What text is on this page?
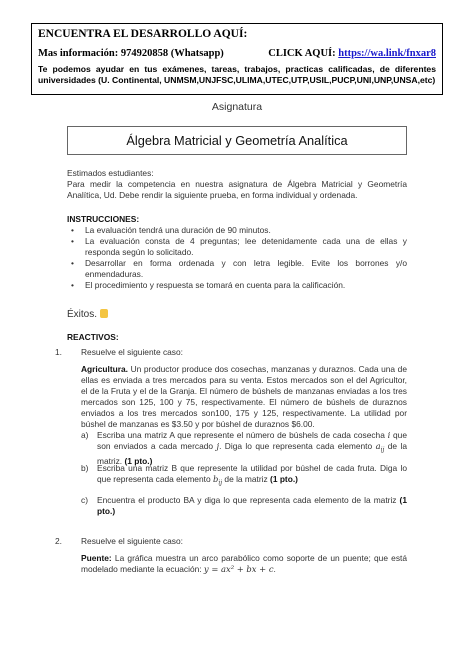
ENCUENTRA EL DESARROLLO AQUÍ:
Mas información: 974920858 (Whatsapp)	CLICK AQUÍ: https://wa.link/fnxar8
Te podemos ayudar en tus exámenes, tareas, trabajos, practicas calificadas, de diferentes universidades (U. Continental, UNMSM,UNJFSC,ULIMA,UTEC,UTP,USIL,PUCP,UNI,UNP,UNSA,etc)
Asignatura
Álgebra Matricial y Geometría Analítica
Estimados estudiantes:
Para medir la competencia en nuestra asignatura de Álgebra Matricial y Geometría Analítica, Ud. Debe rendir la siguiente prueba, en forma individual y ordenada.
INSTRUCCIONES:
• La evaluación tendrá una duración de 90 minutos.
• La evaluación consta de 4 preguntas; lee detenidamente cada una de ellas y responda según lo solicitado.
• Desarrollar en forma ordenada y con letra legible. Evite los borrones y/o enmendaduras.
• El procedimiento y respuesta se tomará en cuenta para la calificación.
Éxitos.
REACTIVOS:
1. Resuelve el siguiente caso:
Agricultura. Un productor produce dos cosechas, manzanas y duraznos. Cada una de ellas es enviada a tres mercados para su venta. Estos mercados son el del Agricultor, el de la Fruta y el de la Granja. El número de búshels de manzanas enviadas a los tres mercados son 125, 100 y 75, respectivamente. El número de búshels de duraznos enviados a los tres mercados son100, 175 y 125, respectivamente. La utilidad por búshel de manzanas es $3.50 y por búshel de duraznos $6.00.
a)	Escriba una matriz A que represente el número de búshels de cada cosecha i que son enviados a cada mercado j. Diga lo que representa cada elemento $a_{ij}$ de la matriz. (1 pto.)
b)	Escriba una matriz B que represente la utilidad por búshel de cada fruta. Diga lo que representa cada elemento $b_{ij}$ de la matriz (1 pto.)
c)	Encuentra el producto BA y diga lo que representa cada elemento de la matriz (1 pto.)
2. Resuelve el siguiente caso:
Puente: La gráfica muestra un arco parabólico como soporte de un puente; que está modelado mediante la ecuación: y = ax² + bx + c.
